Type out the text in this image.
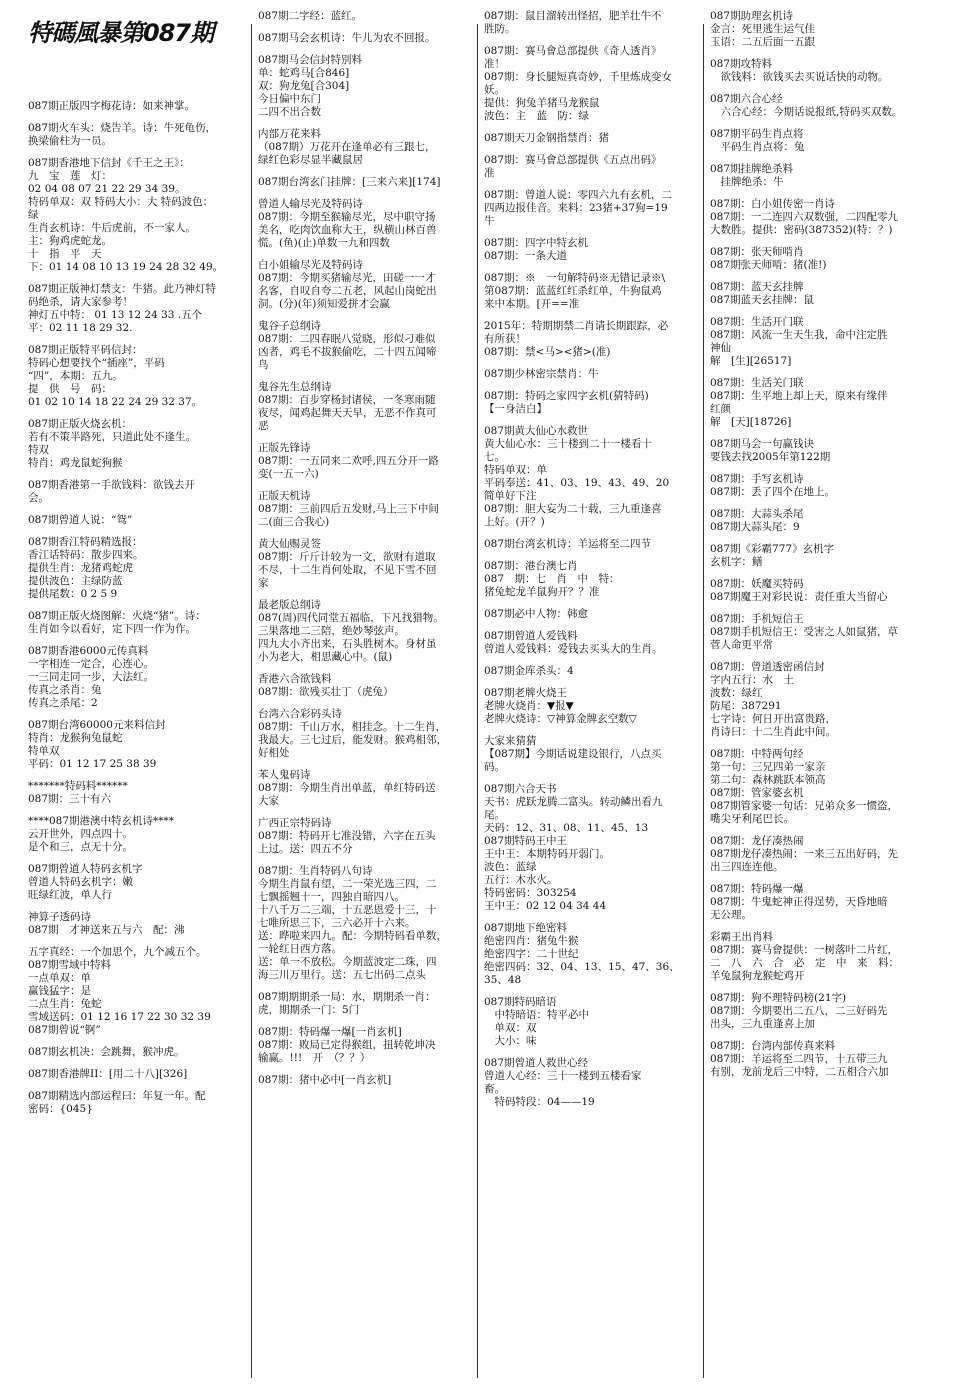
特碼風暴第087期
087期正版四字梅花诗：如来神掌。
087期火车头：烧告羊。诗：牛死龟伤，
换梁偷柱为一员。
087期香港地下信封《千王之王》：
九　宝　莲　灯：
02 04 08 07 21 22 29 34 39。
特码单双：双 特码大小：大 特码波色：
绿
生肖玄机诗：牛后虎前，不一家人。
主：狗鸡虎蛇龙。
十　指　平　天
下：01 14 08 10 13 19 24 28 32 49。
087期正版神灯禁支：牛猪。此乃神灯特
码绝杀，请大家参考！
神灯五中特： 01 13 12 24 33 .五个
平：02 11 18 29 32.
087期正版特平码信封：
特码心想要找个“插座”，平码
“四”，本期：五九。
提　供　号　码：
01 02 10 14 18 22 24 29 32 37。
087期正版火烧玄机：
若有不策半路死，只道此处不逢生。
特双
特肖：鸡龙鼠蛇狗猴
087期香港第一手欲钱料：欲钱去开
会。
087期曾道人说：“鸳”
087期香江特码精选报：
香江话特码：散步四来。
提供生肖：龙猪鸡蛇虎
提供波色：主绿防蓝
提供尾数：0 2 5 9
087期正版火烧图解：火烧“猪”。诗：
生肖如今以看好，定下四一作为作。
087期香港6000元传真料
一字相连一定合，心连心。
一三同走同一步，大法红。
传真之杀肖：兔
传真之杀尾：2
087期台湾60000元来料信封
特肖：龙猴狗兔鼠蛇
特单双
平码：01 12 17 25 38 39
*******特码料******
087期：三十有六
****087期港澳中特玄机诗****
云开世外，四点四十。
是个和三，点无十分。
087期曾道人特码玄机字
曾道人特码玄机字：嫩
旺绿红波，单人行
神算子透码诗
087期　才神送来五与六　配：沸
五字真经：一个加思个，九个减五个。
087期雪域中特料
一点单双：单
赢钱猛字：是
二点生肖：兔蛇
雪域送码：01 12 16 17 22 30 32 39
087期曾说“锕”
087期玄机决：会跳舞，猴冲虎。
087期香港牌II：[用二十八][326]
087期精选内部运程曰：年复一年。配
密码：{045}
087期二字经：蓝红。
087期马会玄机诗：牛儿为农不回报。
087期马会信封特别料
单：蛇鸡马[合846]
双：狗龙兔[合304]
今日偏中东门
二四不出合数
内部万花来料
（087期）万花开在逢单必有三跟七，
绿红色彩尽显半藏鼠居
087期台湾玄门挂牌：[三来六来][174]
曾道人输尽光及特码诗
087期：今期至猴输尽光，尽中职守扬
美名，吃肉饮血称大王，纵横山林百兽
慌。(鱼)(止)单数一九和四数
白小姐输尽光及特码诗
087期：今期买猪输尽光，田磋一一才
名客，自叹自夸二五老，风起山岗蛇出
洞。(分)(年)须知爱拼才会赢
鬼谷子总纲诗
087期：二四春眠八觉晓，形似刁难似
凶者，鸡毛不拔猴偷吃，二十四五闻啼
鸟
鬼谷先生总纲诗
087期：百步穿杨封诸侯，一冬寒雨随
夜尽，闻鸡起舞天天早，无恶不作真可
恶
正版先锋诗
087期：一五同来二欢呼,四五分开一路
变(一五一六)
正版天机诗
087期：三前四后五发财,马上三下中间
二(面三合我心)
黄大仙赐灵签
087期：斤斤计较为一文，欲财有道取
不尽，十二生肖何处取，不见下雪不回
家
最老版总纲诗
087(周)四代同堂五福临，下凡找猎物。
三果落地二三陪，绝妙琴弦声。
四九大小齐出来，石头胜树木。身材虽
小为老大，相思藏心中。(鼠)
香港六合欲钱料
087期：欲残买壮丁（虎兔）
台湾六合彩码头诗
087期：千山万水，相挂念。十二生肖，
我最大。三七过后，能发财。猴鸡相邻，
好相处
苯人鬼码诗
087期：今期生肖出单蓝，单红特码送
大家
广西正宗特码诗
087期：特码开七准没错，六字在五头
上过。送：四五不分
087期：生肖特码八句诗
今期生肖鼠有望，二一荣光选三四，二
七飘摇翘十一，四独自暗四八。
十八千万二三端，十五恶恩爱十三，十
七唯所思三下，三六必开十六来。
送：晔啦来四九。配：今期特码看单数，
一轮红日西方落。
送：单一不放松。今期蓝波定二珠，四
海三川万里行。送：五七出码二点头
087期期期杀一局：水，期期杀一肖：
虎，期期杀一门：5门
087期：特码爆一爆[一肖玄机]
087期：败局已定得猴组，扭转乾坤决
输赢。!!!　开　（？？）
087期：猪中必中[一肖玄机]
087期：鼠目溜转出怪招，肥羊壮牛不
胜防。
087期：赛马會总部提供《奇人透肖》
准！
087期：身长腿短真奇妙，千里炼成变女
妖。
提供：狗兔羊猪马龙猴鼠
波色：主　蓝　防：绿
087期天刀金钢指禁肖：猪
087期：赛马會总部提供《五点出码》
准
087期：曾道人说：零四六九有玄机，二
四两边报佳音。来料：23猪+37狗=19
牛
087期：四字中特玄机
087期：一条大道
087期：※　一句解特码※无错记录※\
第087期：蓝蓝红红杀红单，牛狗鼠鸡
来中本期。[开==准
2015年：特期期禁二肖请长期跟踪，必
有所获！
087期：禁<马><猪>(准)
087期少林密宗禁肖：牛
087期：特码之家四字玄机(猜特码)
【一身洁白】
087期黄大仙心水救世
黄大仙心水：三十楼到二十一楼看十
七。
特码单双：单
平码奉送：41、03、19、43、49、20
简单好下注
087期：胆大妄为二十载，三九重逢喜
上好。(开？)
087期台湾玄机诗：羊运将至二四节
087期：港台澳七肖
087　期：七　肖　中　特：
猪兔蛇龙羊鼠狗开？？准
087期必中人物：韩愈
087期曾道人爱钱料
曾道人爱钱料：爱钱去买头大的生肖。
087期金库杀头：4
087期老牌火烧王
老牌火烧肖：▼报▼
老牌火烧诗：▽神算金牌玄空数▽
大家来猜猜
【087期】今期话说建设银行，八点买
码。
087期六合天书
天书：虎跃龙腾二富头。转动鳞出看九
尾。
天码：12、31、08、11、45、13
087期特码王中王
王中王：本期特码开弱门。
波色：蓝绿
五行：木水火。
特码密码：303254
王中王：02 12 04 34 44
087期地下绝密料
绝密四肖：猪兔牛猴
绝密四字：二十世纪
绝密四码：32、04、13、15、47、36、
35、48
087期特码暗语
　中特暗语：特平必中
　单双：双
　大小：味
087期曾道人救世心经
曾道人心经：三十一楼到五楼看家
畜。
　特码特段：04——19
087期助理玄机诗
金言：死里逃生运气佳
玉语：二五后面一五跟
087期攻特料
　欲钱料：欲钱买去买说话快的动物。
087期六合心经
　六合心经：今期话说报纸,特码买双数。
087期平码生肖点将
　平码生肖点将：兔
087期挂牌绝杀料
　挂牌绝杀：牛
087期：白小姐传密一肖诗
087期：一二连四六双数强，二四配零九
大数胜。提供：密码(387352)(特：？)
087期：张天师啃肖
087期张天师啃：猪(准!)
087期：蓝天玄挂牌
087期蓝天玄挂牌：鼠
087期：生活开门联
087期：风流一生天生我，命中注定胜
神仙
解　[生][26517]
087期：生活关门联
087期：生平地上却上天，原来有缘伴
红颜
解　[天][18726]
087期马会一句赢钱诀
要钱去找2005年第122期
087期：手写玄机诗
087期：丢了四个在地上。
087期：大蒜头杀尾
087期大蒜头尾：9
087期《彩霸777》玄机字
玄机字：鳝
087期：妖魔买特码
087期魔王对彩民说：责任重大当留心
087期：手机短信王
087期手机短信王：受害之人如鼠猪，草
菅人命更平常
087期：曾道透密函信封
字内五行：水　土
波数：绿红
防尾：387291
七字诗：何日开出富贵路，
肖诗曰：十二生肖此中间。
087期：中特两句经
第一句：三兄四弟一家亲
第二句：森林跳跃本领高
087期：管家婆玄机
087期管家婆一句话：兄弟众多一惯盗，
嘴尖牙利尾巴长。
087期：龙仔凑热闹
087期龙仔凑热闹：一来三五出好码，先
出三四连连他。
087期：特码爆一爆
087期：牛鬼蛇神正得逞势，天昏地暗
无公理。
彩霸王出肖料
087期：赛马會提供：一树落叶二片红，
二　八　六　合　必　定　中　来　料：
羊兔鼠狗龙猴蛇鸡开
087期：狗不理特码榜(21字)
087期：今期要出二五八，二三好码先
出头，三九重逢喜上加
087期：台湾内部传真来料
087期：羊运将至二四节，十五带三九
有别，龙前龙后三中特，二五相合六加
